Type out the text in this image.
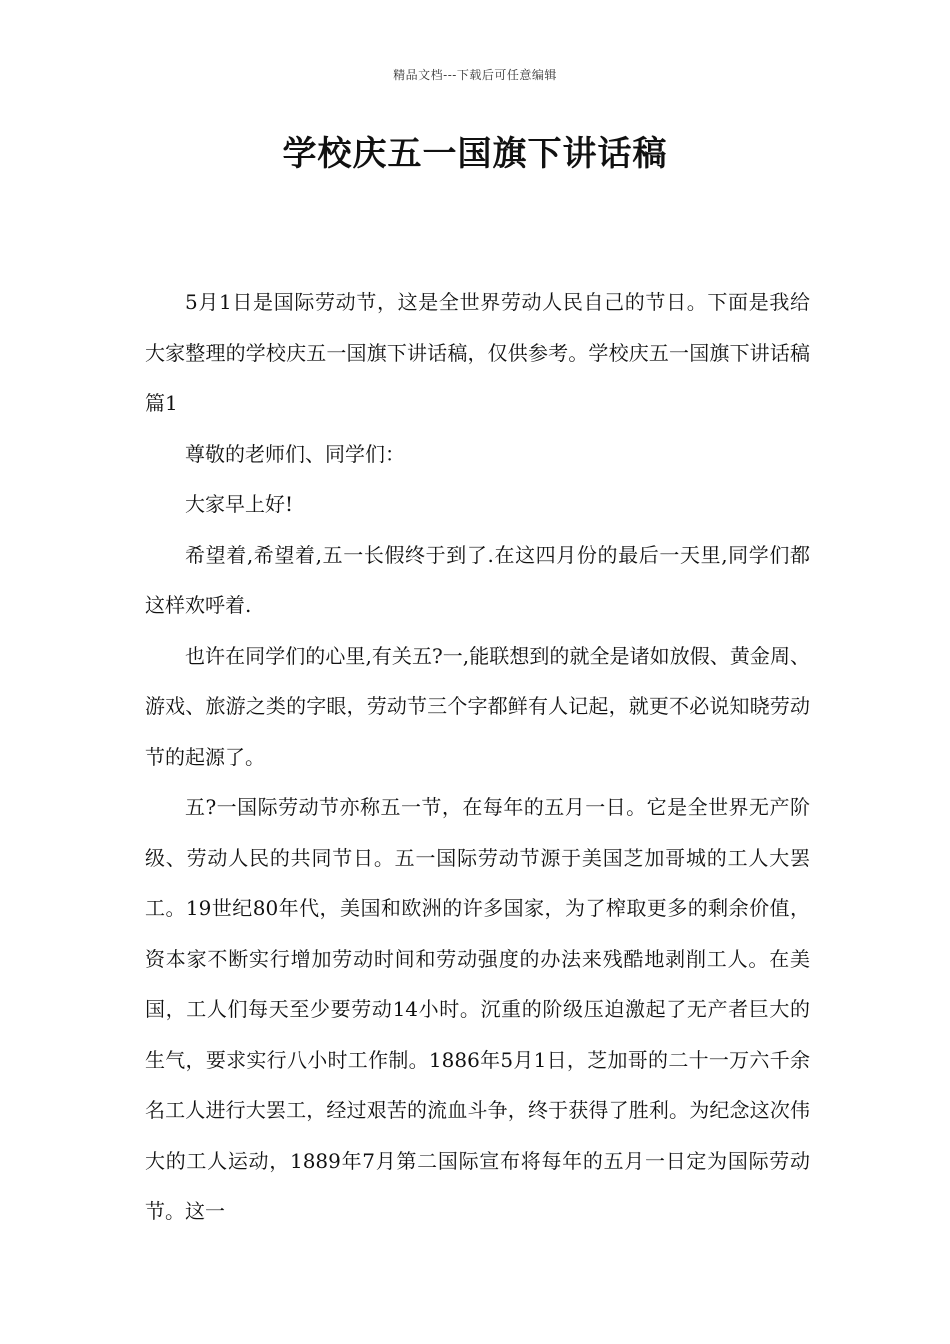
精品文档---下载后可任意编辑
学校庆五一国旗下讲话稿

5月1日是国际劳动节，这是全世界劳动人民自己的节日。下面是我给大家整理的学校庆五一国旗下讲话稿，仅供参考。学校庆五一国旗下讲话稿篇1

尊敬的老师们、同学们：

大家早上好!

希望着,希望着,五一长假终于到了.在这四月份的最后一天里,同学们都这样欢呼着.

也许在同学们的心里,有关五?一,能联想到的就全是诸如放假、黄金周、游戏、旅游之类的字眼，劳动节三个字都鲜有人记起，就更不必说知晓劳动节的起源了。

五?一国际劳动节亦称五一节，在每年的五月一日。它是全世界无产阶级、劳动人民的共同节日。五一国际劳动节源于美国芝加哥城的工人大罢工。19世纪80年代，美国和欧洲的许多国家，为了榨取更多的剩余价值，资本家不断实行增加劳动时间和劳动强度的办法来残酷地剥削工人。在美国，工人们每天至少要劳动14小时。沉重的阶级压迫激起了无产者巨大的生气，要求实行八小时工作制。1886年5月1日，芝加哥的二十一万六千余名工人进行大罢工，经过艰苦的流血斗争，终于获得了胜利。为纪念这次伟大的工人运动，1889年7月第二国际宣布将每年的五月一日定为国际劳动节。这一
